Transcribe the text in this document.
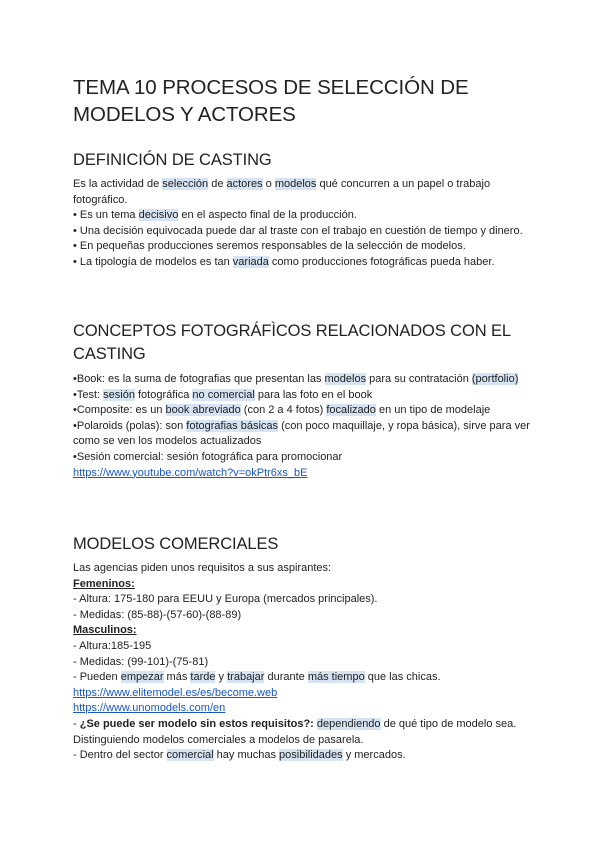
TEMA 10 PROCESOS DE SELECCIÓN DE MODELOS Y ACTORES
DEFINICIÓN DE CASTING
Es la actividad de selección de actores o modelos qué concurren a un papel o trabajo fotográfico.
• Es un tema decisivo en el aspecto final de la producción.
• Una decisión equivocada puede dar al traste con el trabajo en cuestión de tiempo y dinero.
• En pequeñas producciones seremos responsables de la selección de modelos.
• La tipología de modelos es tan variada como producciones fotográficas pueda haber.
CONCEPTOS FOTOGRÁFÌCOS RELACIONADOS CON EL CASTING
•Book: es la suma de fotografias que presentan las modelos para su contratación (portfolio)
•Test: sesión fotográfica no comercial para las foto en el book
•Composite: es un book abreviado (con 2 a 4 fotos) focalizado en un tipo de modelaje
•Polaroids (polas): son fotografias básicas (con poco maquillaje, y ropa básica), sirve para ver como se ven los modelos actualizados
•Sesión comercial: sesión fotográfica para promocionar
https://www.youtube.com/watch?v=okPtr6xs_bE
MODELOS COMERCIALES
Las agencias piden unos requisitos a sus aspirantes:
Femeninos:
- Altura: 175-180 para EEUU y Europa (mercados principales).
- Medidas: (85-88)-(57-60)-(88-89)
Masculinos:
- Altura:185-195
- Medidas: (99-101)-(75-81)
- Pueden empezar más tarde y trabajar durante más tiempo que las chicas.
https://www.elitemodel.es/es/become.web
https://www.unomodels.com/en
- ¿Se puede ser modelo sin estos requisitos?: dependiendo de qué tipo de modelo sea. Distinguiendo modelos comerciales a modelos de pasarela.
- Dentro del sector comercial hay muchas posibilidades y mercados.
